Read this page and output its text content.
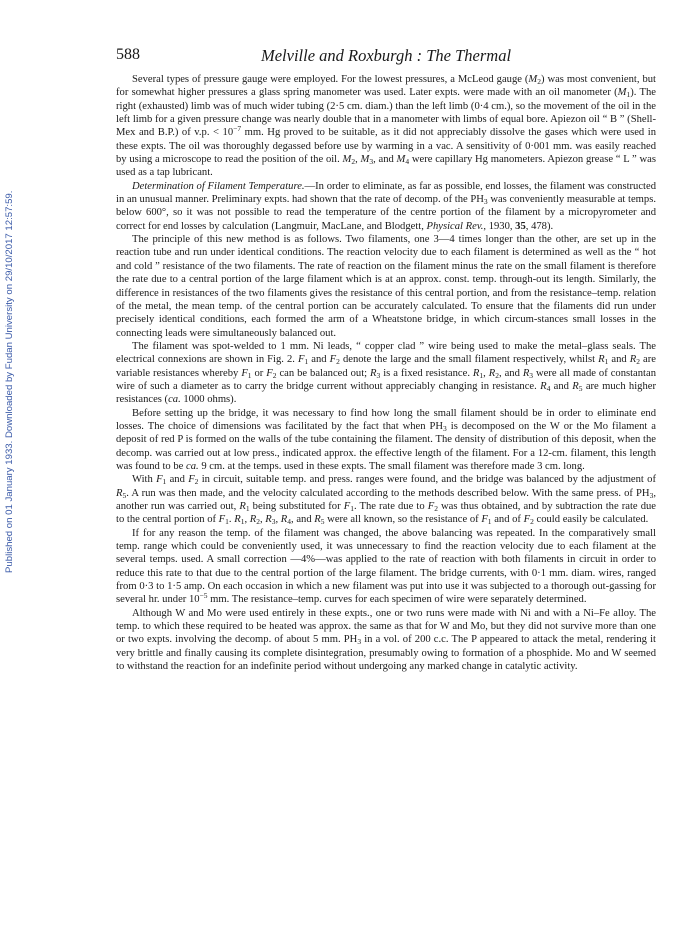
588	Melville and Roxburgh : The Thermal
Published on 01 January 1933. Downloaded by Fudan University on 29/10/2017 12:57:59.

Several types of pressure gauge were employed. For the lowest pressures, a McLeod gauge $(M_2)$ was most convenient, but for somewhat higher pressures a glass spring manometer was used. Later expts. were made with an oil manometer $(M_1)$. The right (exhausted) limb was of much wider tubing (2·5 cm. diam.) than the left limb (0·4 cm.), so the movement of the oil in the left limb for a given pressure change was nearly double that in a manometer with limbs of equal bore. Apiezon oil “ B ” (Shell-Mex and B.P.) of v.p. < $10^{-7}$ mm. Hg proved to be suitable, as it did not appreciably dissolve the gases which were used in these expts. The oil was thoroughly degassed before use by warming in a vac. A sensitivity of 0·001 mm. was easily reached by using a microscope to read the position of the oil. $M_2$, $M_3$, and $M_4$ were capillary Hg manometers. Apiezon grease “ L ” was used as a tap lubricant.

Determination of Filament Temperature.—In order to eliminate, as far as possible, end losses, the filament was constructed in an unusual manner. Preliminary expts. had shown that the rate of decomp. of the $PH_3$ was conveniently measurable at temps. below 600°, so it was not possible to read the temperature of the centre portion of the filament by a micropyrometer and correct for end losses by calculation (Langmuir, MacLane, and Blodgett, Physical Rev., 1930, 35, 478).

The principle of this new method is as follows. Two filaments, one 3—4 times longer than the other, are set up in the reaction tube and run under identical conditions. The reaction velocity due to each filament is determined as well as the “ hot and cold ” resistance of the two filaments. The rate of reaction on the filament minus the rate on the small filament is therefore the rate due to a central portion of the large filament which is at an approx. const. temp. through-out its length. Similarly, the difference in resistances of the two filaments gives the resistance of this central portion, and from the resistance–temp. relation of the metal, the mean temp. of the central portion can be accurately calculated. To ensure that the filaments did run under precisely identical conditions, each formed the arm of a Wheatstone bridge, in which circum-stances small losses in the connecting leads were simultaneously balanced out.

The filament was spot-welded to 1 mm. Ni leads, “ copper clad ” wire being used to make the metal–glass seals. The electrical connexions are shown in Fig. 2. $F_1$ and $F_2$ denote the large and the small filament respectively, whilst $R_1$ and $R_2$ are variable resistances whereby $F_1$ or $F_2$ can be balanced out; $R_3$ is a fixed resistance. $R_1$, $R_2$, and $R_3$ were all made of constantan wire of such a diameter as to carry the bridge current without appreciably changing in resistance. $R_4$ and $R_5$ are much higher resistances (ca. 1000 ohms).

Before setting up the bridge, it was necessary to find how long the small filament should be in order to eliminate end losses. The choice of dimensions was facilitated by the fact that when $PH_3$ is decomposed on the W or the Mo filament a deposit of red P is formed on the walls of the tube containing the filament. The density of distribution of this deposit, when the decomp. was carried out at low press., indicated approx. the effective length of the filament. For a 12-cm. filament, this length was found to be ca. 9 cm. at the temps. used in these expts. The small filament was therefore made 3 cm. long.

With $F_1$ and $F_2$ in circuit, suitable temp. and press. ranges were found, and the bridge was balanced by the adjustment of $R_5$. A run was then made, and the velocity calculated according to the methods described below. With the same press. of $PH_3$, another run was carried out, $R_1$ being substituted for $F_1$. The rate due to $F_2$ was thus obtained, and by subtraction the rate due to the central portion of $F_1$. $R_1$, $R_2$, $R_3$, $R_4$, and $R_5$ were all known, so the resistance of $F_1$ and of $F_2$ could easily be calculated.

If for any reason the temp. of the filament was changed, the above balancing was repeated. In the comparatively small temp. range which could be conveniently used, it was unnecessary to find the reaction velocity due to each filament at the several temps. used. A small correction —4%—was applied to the rate of reaction with both filaments in circuit in order to reduce this rate to that due to the central portion of the large filament. The bridge currents, with 0·1 mm. diam. wires, ranged from 0·3 to 1·5 amp. On each occasion in which a new filament was put into use it was subjected to a thorough out-gassing for several hr. under $10^{-5}$ mm. The resistance–temp. curves for each specimen of wire were separately determined.

Although W and Mo were used entirely in these expts., one or two runs were made with Ni and with a Ni–Fe alloy. The temp. to which these required to be heated was approx. the same as that for W and Mo, but they did not survive more than one or two expts. involving the decomp. of about 5 mm. $PH_3$ in a vol. of 200 c.c. The P appeared to attack the metal, rendering it very brittle and finally causing its complete disintegration, presumably owing to formation of a phosphide. Mo and W seemed to withstand the reaction for an indefinite period without undergoing any marked change in catalytic activity.
